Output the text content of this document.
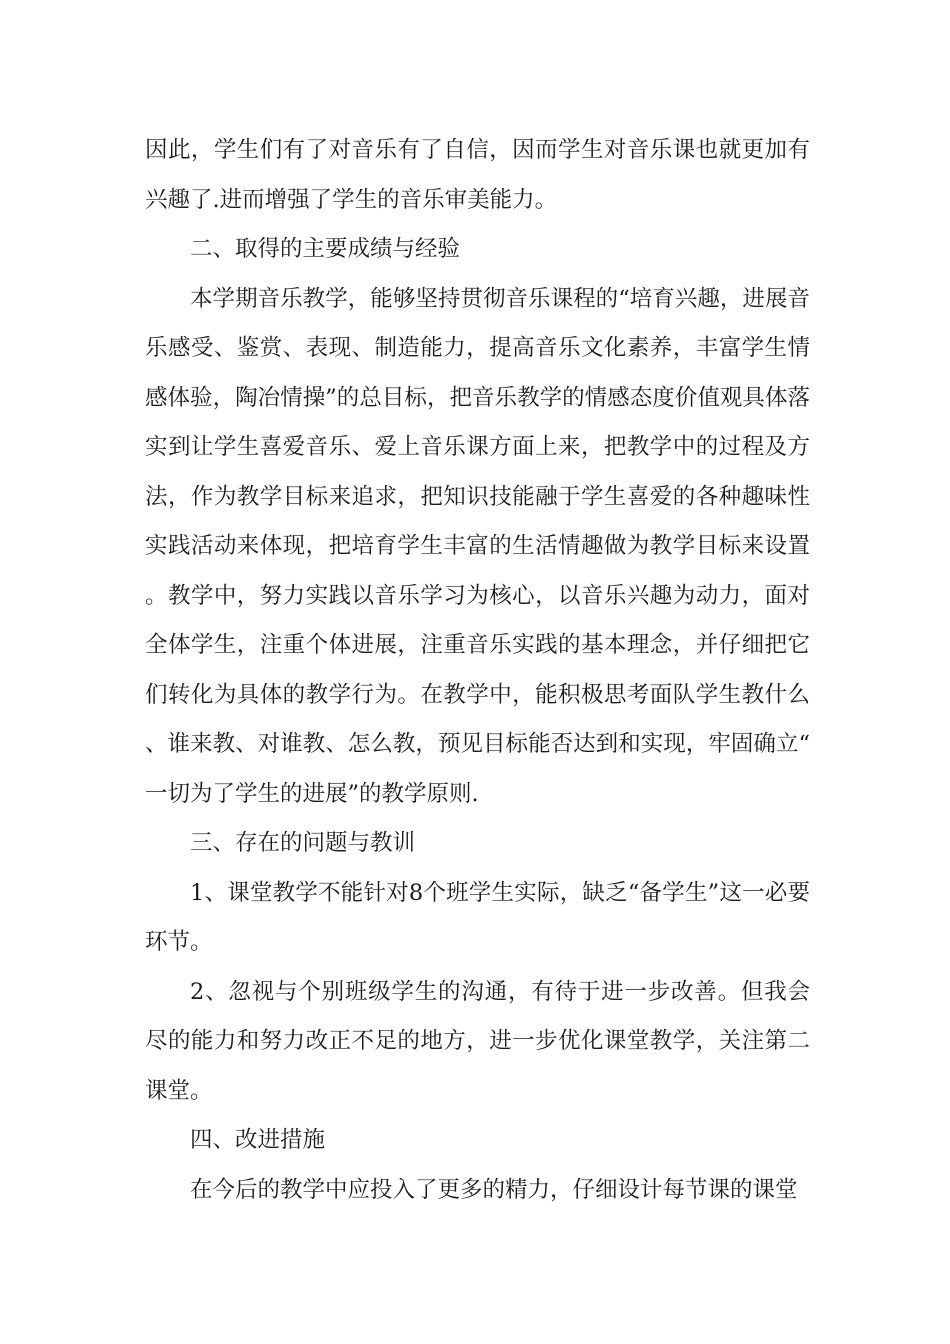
因此，学生们有了对音乐有了自信，因而学生对音乐课也就更加有兴趣了.进而增强了学生的音乐审美能力。

二、取得的主要成绩与经验

本学期音乐教学，能够坚持贯彻音乐课程的“培育兴趣，进展音乐感受、鉴赏、表现、制造能力，提高音乐文化素养，丰富学生情感体验，陶冶情操”的总目标，把音乐教学的情感态度价值观具体落实到让学生喜爱音乐、爱上音乐课方面上来，把教学中的过程及方法，作为教学目标来追求，把知识技能融于学生喜爱的各种趣味性实践活动来体现，把培育学生丰富的生活情趣做为教学目标来设置。教学中，努力实践以音乐学习为核心，以音乐兴趣为动力，面对全体学生，注重个体进展，注重音乐实践的基本理念，并仔细把它们转化为具体的教学行为。在教学中，能积极思考面队学生教什么、谁来教、对谁教、怎么教，预见目标能否达到和实现，牢固确立“一切为了学生的进展”的教学原则.

三、存在的问题与教训

1、课堂教学不能针对8个班学生实际，缺乏“备学生”这一必要环节。

2、忽视与个别班级学生的沟通，有待于进一步改善。但我会尽的能力和努力改正不足的地方，进一步优化课堂教学，关注第二课堂。

四、改进措施

在今后的教学中应投入了更多的精力，仔细设计每节课的课堂
